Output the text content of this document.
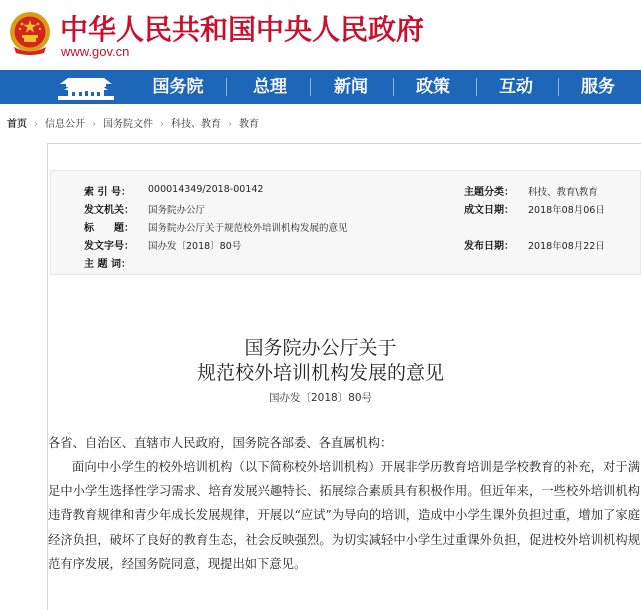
中华人民共和国中央人民政府
www.gov.cn
国务院	总理	新闻	政策	互动	服务
首页 › 信息公开 › 国务院文件 › 科技、教育 › 教育
索 引 号： 000014349/2018-00142	主题分类： 科技、教育\教育
发文机关： 国务院办公厅	成文日期： 2018年08月06日
标　　题： 国务院办公厅关于规范校外培训机构发展的意见
发文字号： 国办发〔2018〕80号	发布日期： 2018年08月22日
主 题 词：
国务院办公厅关于
规范校外培训机构发展的意见
国办发〔2018〕80号
各省、自治区、直辖市人民政府，国务院各部委、各直属机构：
面向中小学生的校外培训机构（以下简称校外培训机构）开展非学历教育培训是学校教育的补充，对于满足中小学生选择性学习需求、培育发展兴趣特长、拓展综合素质具有积极作用。但近年来，一些校外培训机构违背教育规律和青少年成长发展规律，开展以“应试”为导向的培训，造成中小学生课外负担过重，增加了家庭经济负担，破坏了良好的教育生态，社会反映强烈。为切实减轻中小学生过重课外负担，促进校外培训机构规范有序发展，经国务院同意，现提出如下意见。
